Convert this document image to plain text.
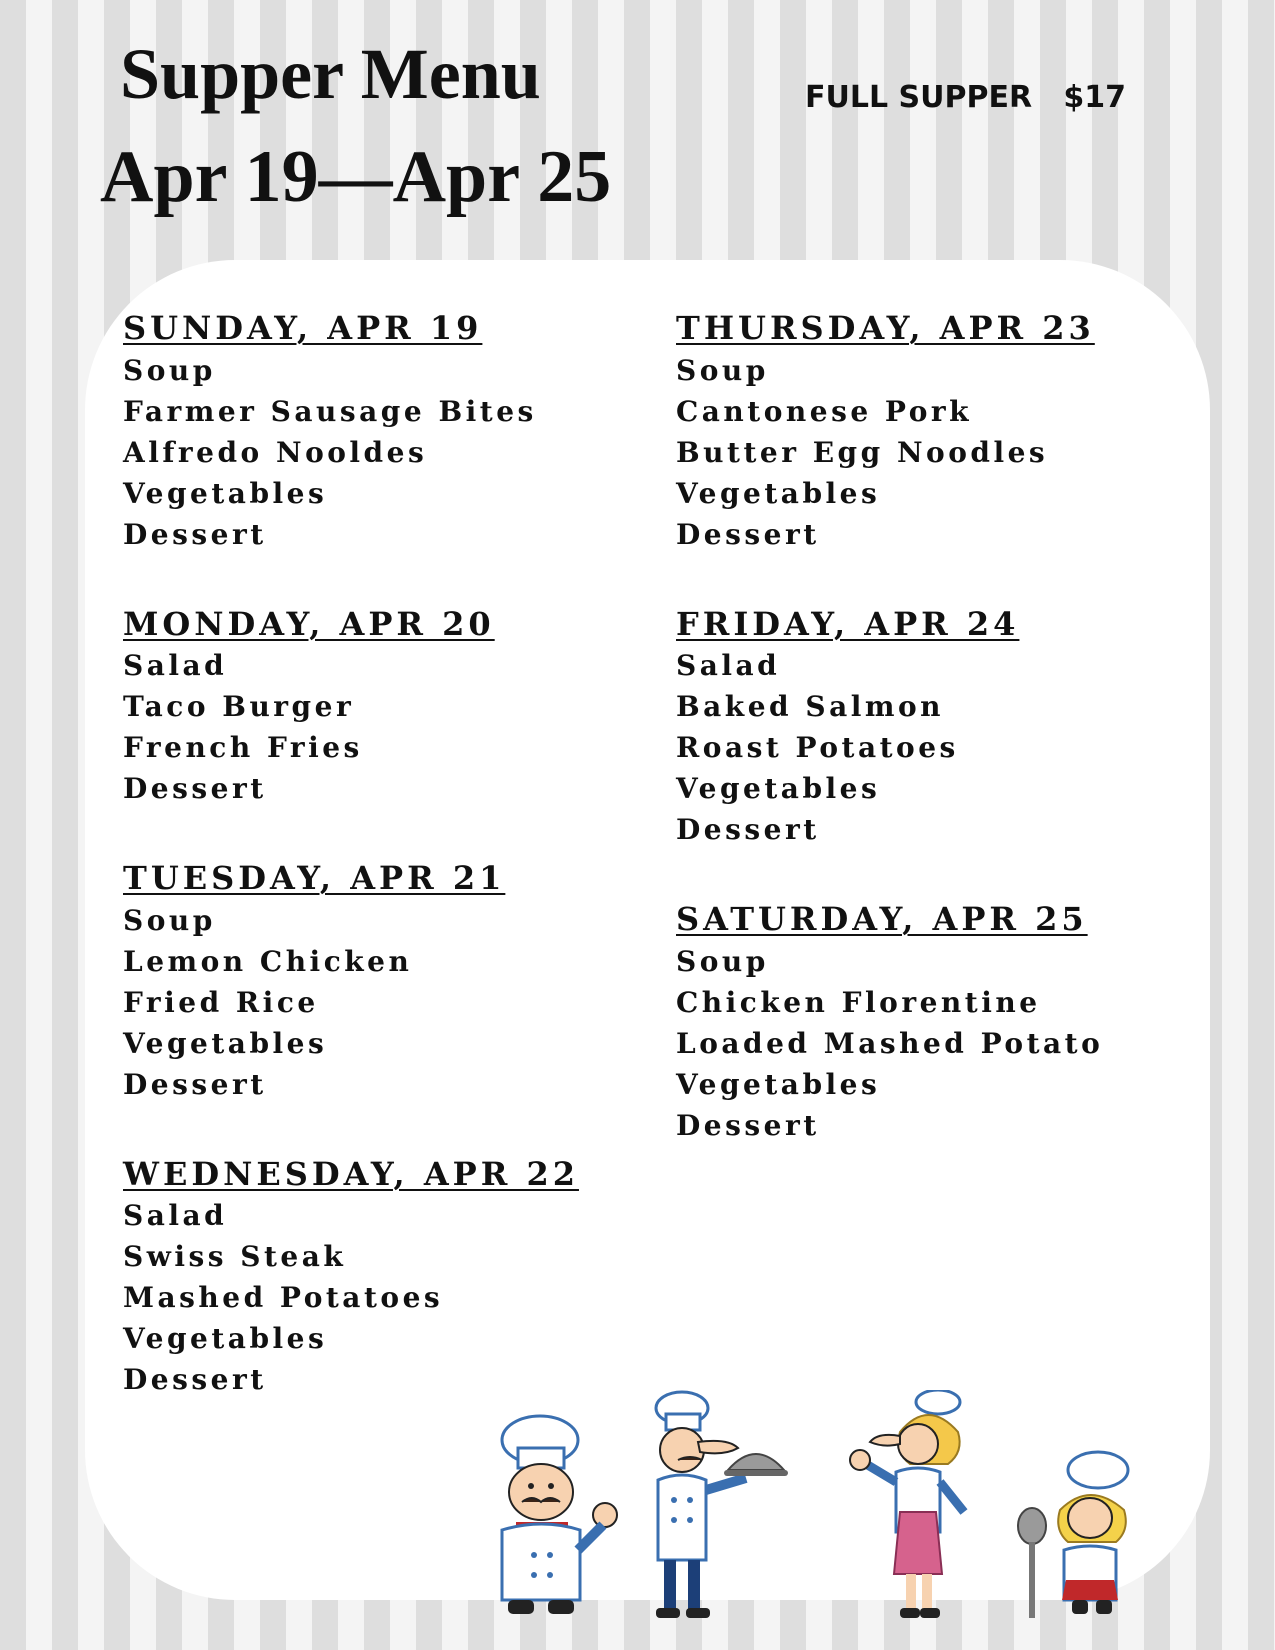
Supper Menu
Apr 19—Apr 25
FULL SUPPER   $17
SUNDAY, APR 19
Soup
Farmer Sausage Bites
Alfredo Nooldes
Vegetables
Dessert
MONDAY, APR 20
Salad
Taco Burger
French Fries
Dessert
TUESDAY, APR 21
Soup
Lemon Chicken
Fried Rice
Vegetables
Dessert
WEDNESDAY, APR 22
Salad
Swiss Steak
Mashed Potatoes
Vegetables
Dessert
THURSDAY, APR 23
Soup
Cantonese Pork
Butter Egg Noodles
Vegetables
Dessert
FRIDAY, APR 24
Salad
Baked Salmon
Roast Potatoes
Vegetables
Dessert
SATURDAY, APR 25
Soup
Chicken Florentine
Loaded Mashed Potato
Vegetables
Dessert
